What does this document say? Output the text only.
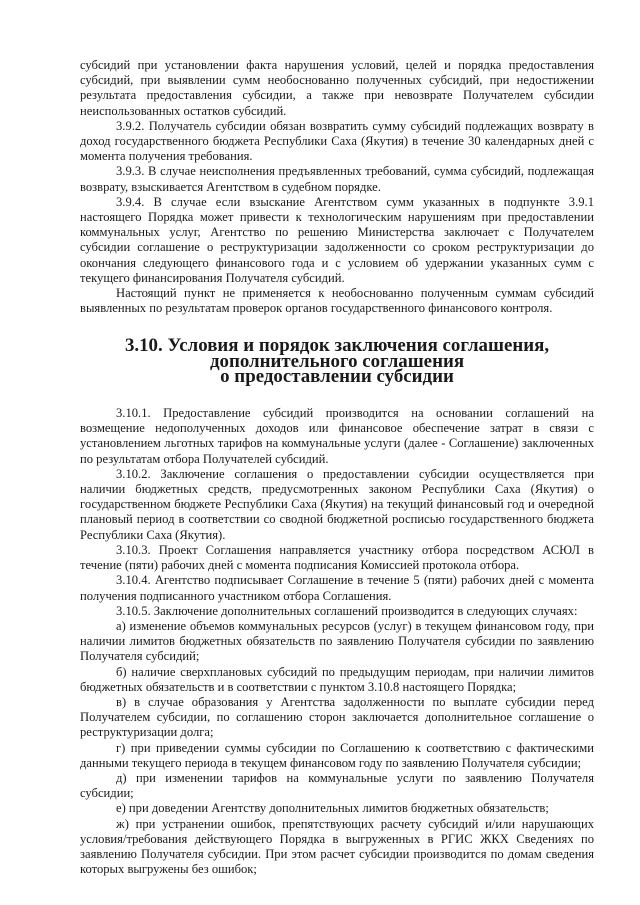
субсидий при установлении факта нарушения условий, целей и порядка предоставления субсидий, при выявлении сумм необоснованно полученных субсидий, при недостижении результата предоставления субсидии, а также при невозврате Получателем субсидии неиспользованных остатков субсидий.

3.9.2. Получатель субсидии обязан возвратить сумму субсидий подлежащих возврату в доход государственного бюджета Республики Саха (Якутия) в течение 30 календарных дней с момента получения требования.

3.9.3. В случае неисполнения предъявленных требований, сумма субсидий, подлежащая возврату, взыскивается Агентством в судебном порядке.

3.9.4. В случае если взыскание Агентством сумм указанных в подпункте 3.9.1 настоящего Порядка может привести к технологическим нарушениям при предоставлении коммунальных услуг, Агентство по решению Министерства заключает с Получателем субсидии соглашение о реструктуризации задолженности со сроком реструктуризации до окончания следующего финансового года и с условием об удержании указанных сумм с текущего финансирования Получателя субсидий.

Настоящий пункт не применяется к необоснованно полученным суммам субсидий выявленных по результатам проверок органов государственного финансового контроля.

3.10. Условия и порядок заключения соглашения, дополнительного соглашения
о предоставлении субсидии

3.10.1. Предоставление субсидий производится на основании соглашений на возмещение недополученных доходов или финансовое обеспечение затрат в связи с установлением льготных тарифов на коммунальные услуги (далее - Соглашение) заключенных по результатам отбора Получателей субсидий.

3.10.2. Заключение соглашения о предоставлении субсидии осуществляется при наличии бюджетных средств, предусмотренных законом Республики Саха (Якутия) о государственном бюджете Республики Саха (Якутия) на текущий финансовый год и очередной плановый период в соответствии со сводной бюджетной росписью государственного бюджета Республики Саха (Якутия).

3.10.3. Проект Соглашения направляется участнику отбора посредством АСЮЛ в течение (пяти) рабочих дней с момента подписания Комиссией протокола отбора.

3.10.4. Агентство подписывает Соглашение в течение 5 (пяти) рабочих дней с момента получения подписанного участником отбора Соглашения.

3.10.5. Заключение дополнительных соглашений производится в следующих случаях:

а) изменение объемов коммунальных ресурсов (услуг) в текущем финансовом году, при наличии лимитов бюджетных обязательств по заявлению Получателя субсидии по заявлению Получателя субсидий;

б) наличие сверхплановых субсидий по предыдущим периодам, при наличии лимитов бюджетных обязательств и в соответствии с пунктом 3.10.8 настоящего Порядка;

в) в случае образования у Агентства задолженности по выплате субсидии перед Получателем субсидии, по соглашению сторон заключается дополнительное соглашение о реструктуризации долга;

г) при приведении суммы субсидии по Соглашению к соответствию с фактическими данными текущего периода в текущем финансовом году по заявлению Получателя субсидии;

д) при изменении тарифов на коммунальные услуги по заявлению Получателя субсидии;

е) при доведении Агентству дополнительных лимитов бюджетных обязательств;

ж) при устранении ошибок, препятствующих расчету субсидий и/или нарушающих условия/требования действующего Порядка в выгруженных в РГИС ЖКХ Сведениях по заявлению Получателя субсидии. При этом расчет субсидии производится по домам сведения которых выгружены без ошибок;
